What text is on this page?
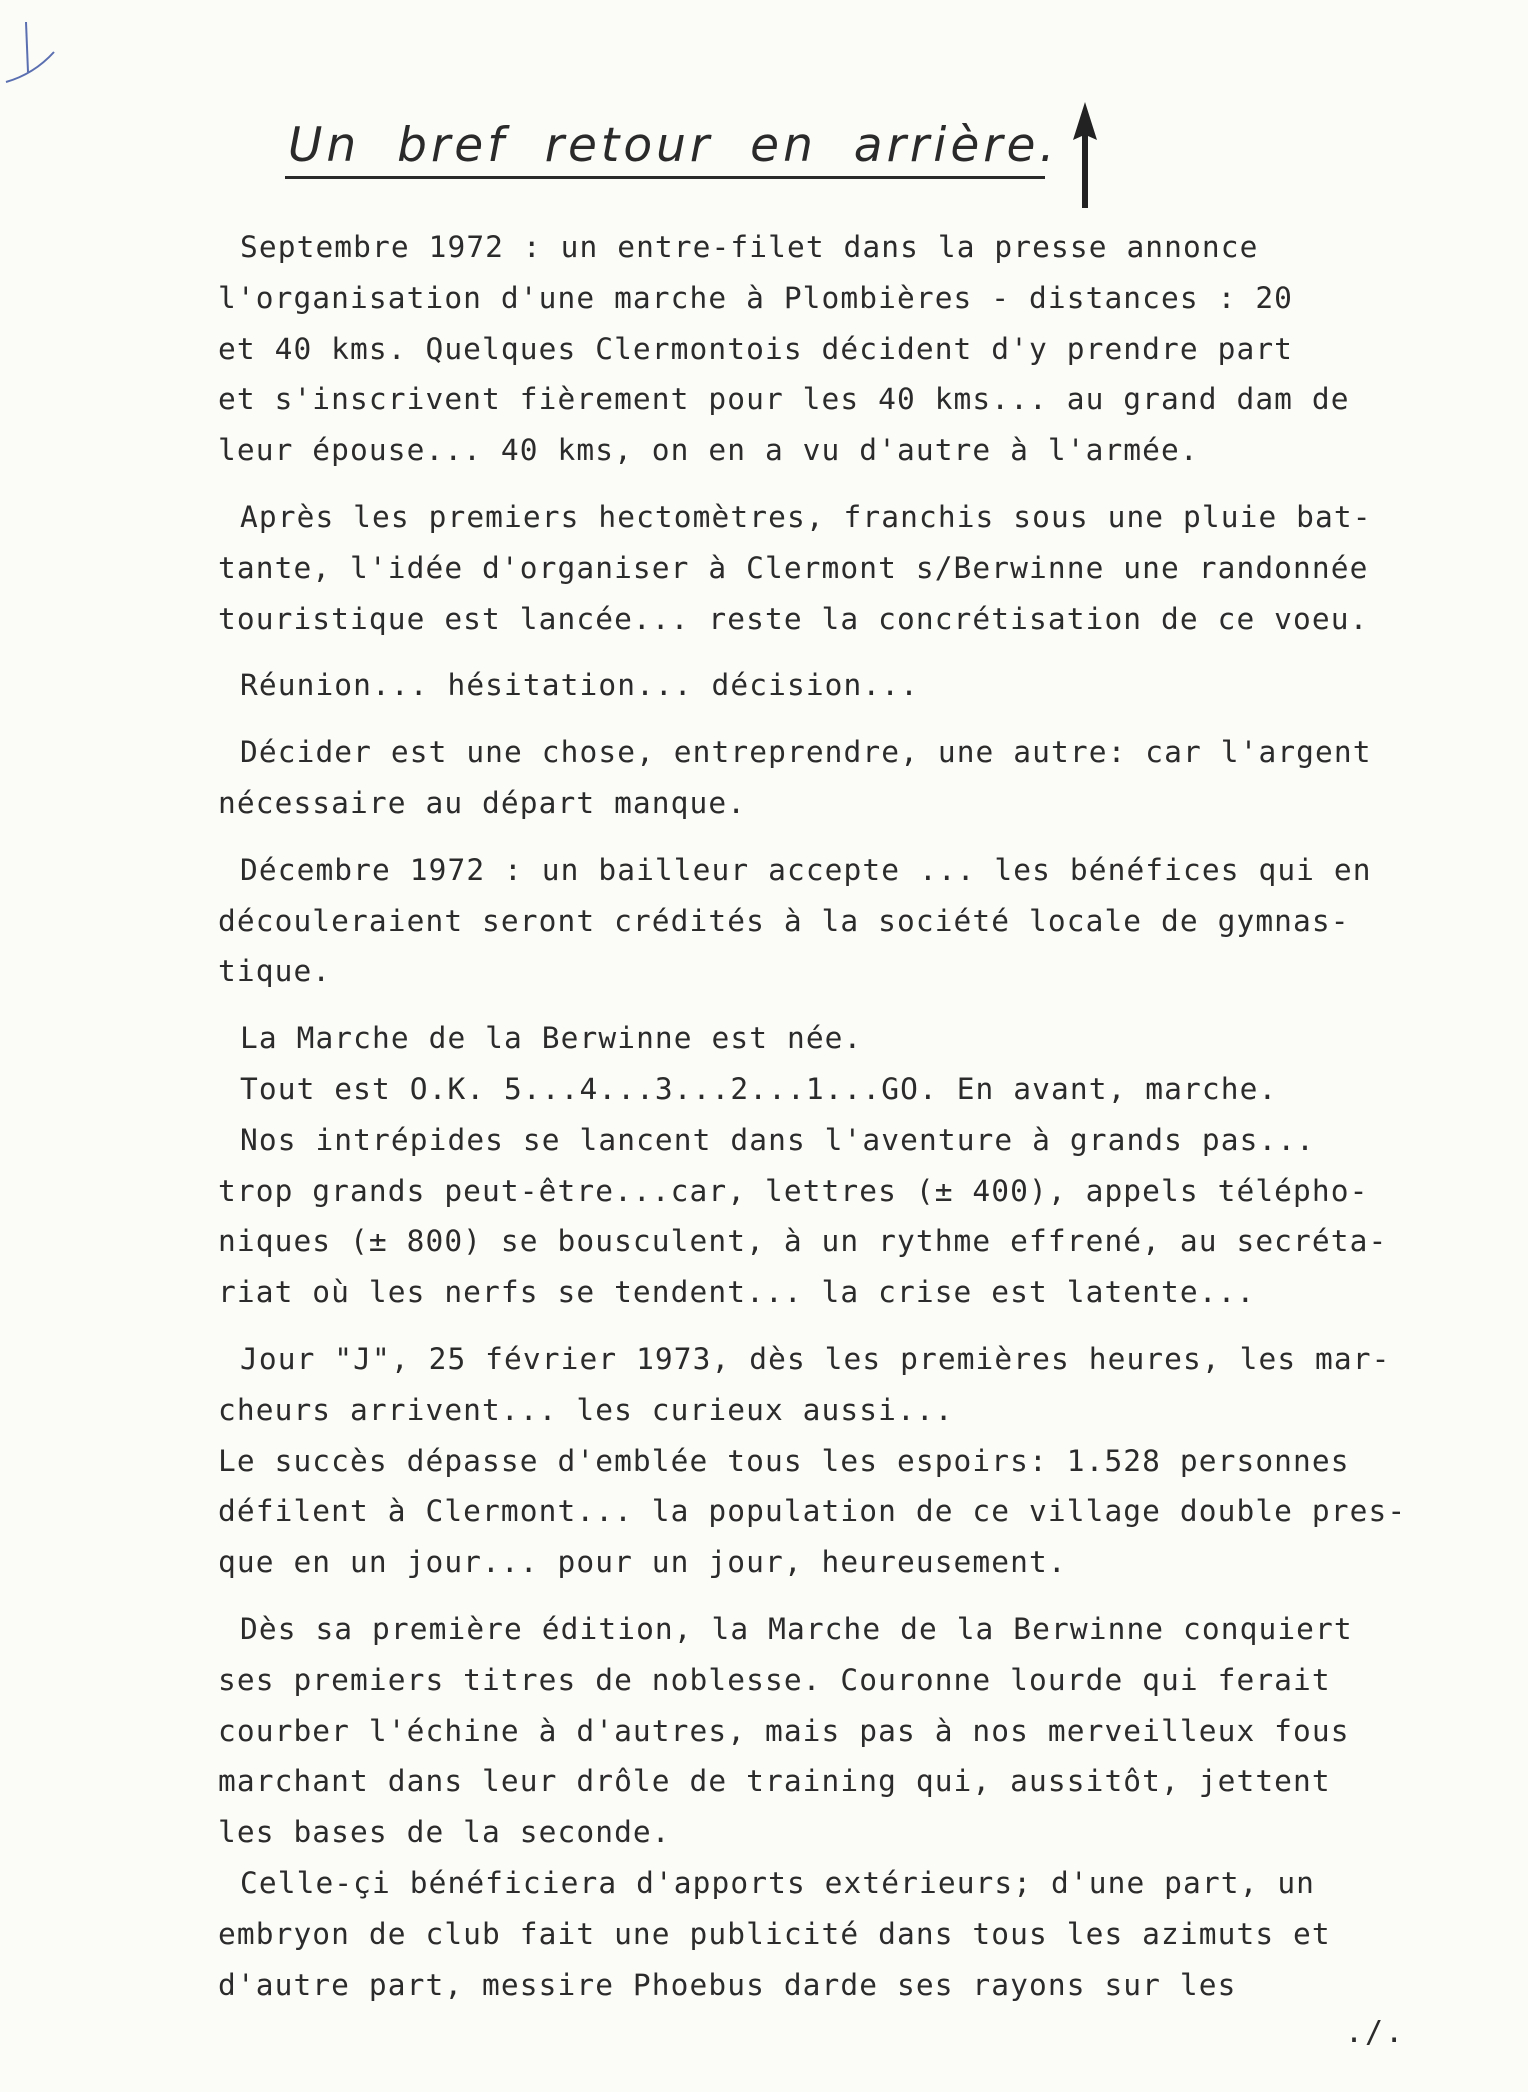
Un bref retour en arrière.
Septembre 1972 : un entre-filet dans la presse annonce
l'organisation d'une marche à Plombières - distances : 20
et 40 kms. Quelques Clermontois décident d'y prendre part
et s'inscrivent fièrement pour les 40 kms... au grand dam de
leur épouse... 40 kms, on en a vu d'autre à l'armée.
Après les premiers hectomètres, franchis sous une pluie bat-
tante, l'idée d'organiser à Clermont s/Berwinne une randonnée
touristique est lancée... reste la concrétisation de ce voeu.
Réunion... hésitation... décision...
Décider est une chose, entreprendre, une autre: car l'argent
nécessaire au départ manque.
Décembre 1972 : un bailleur accepte ... les bénéfices qui en
découleraient seront crédités à la société locale de gymnas-
tique.
La Marche de la Berwinne est née.
Tout est O.K. 5...4...3...2...1...GO. En avant, marche.
Nos intrépides se lancent dans l'aventure à grands pas...
trop grands peut-être...car, lettres (± 400), appels télépho-
niques (± 800) se bousculent, à un rythme effrené, au secréta-
riat où les nerfs se tendent... la crise est latente...
Jour "J", 25 février 1973, dès les premières heures, les mar-
cheurs arrivent... les curieux aussi...
Le succès dépasse d'emblée tous les espoirs: 1.528 personnes
défilent à Clermont... la population de ce village double pres-
que en un jour... pour un jour, heureusement.
Dès sa première édition, la Marche de la Berwinne conquiert
ses premiers titres de noblesse. Couronne lourde qui ferait
courber l'échine à d'autres, mais pas à nos merveilleux fous
marchant dans leur drôle de training qui, aussitôt, jettent
les bases de la seconde.
Celle-çi bénéficiera d'apports extérieurs; d'une part, un
embryon de club fait une publicité dans tous les azimuts et
d'autre part, messire Phoebus darde ses rayons sur les
./.
